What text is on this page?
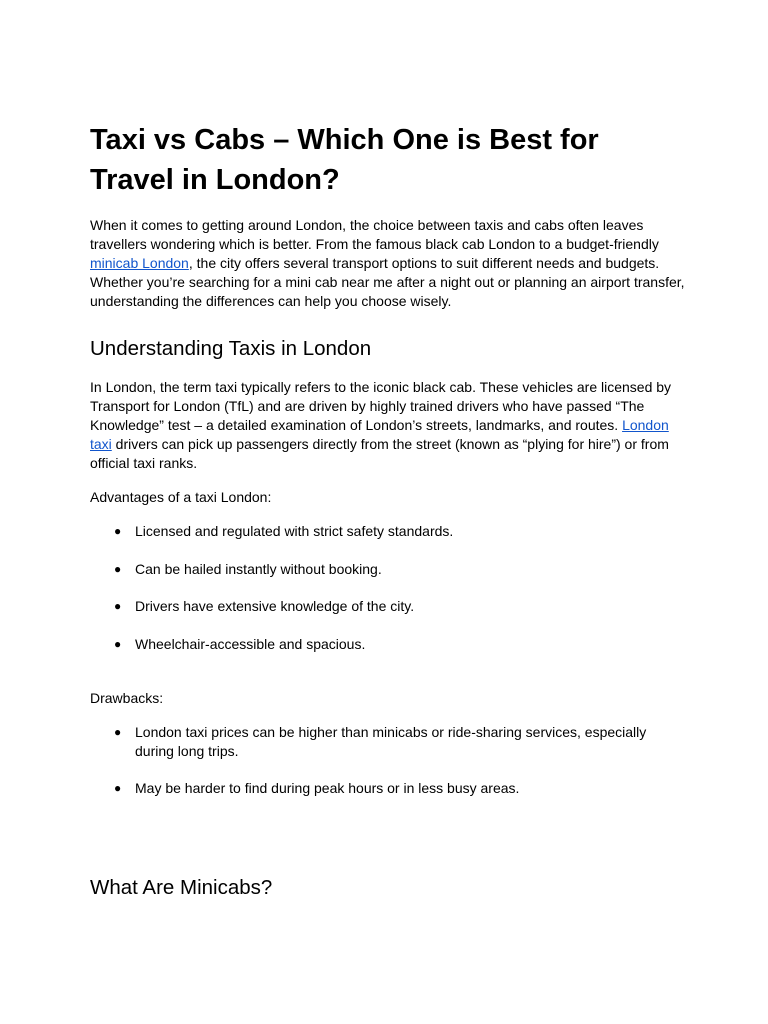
Taxi vs Cabs – Which One is Best for Travel in London?

When it comes to getting around London, the choice between taxis and cabs often leaves travellers wondering which is better. From the famous black cab London to a budget-friendly minicab London, the city offers several transport options to suit different needs and budgets. Whether you’re searching for a mini cab near me after a night out or planning an airport transfer, understanding the differences can help you choose wisely.

Understanding Taxis in London

In London, the term taxi typically refers to the iconic black cab. These vehicles are licensed by Transport for London (TfL) and are driven by highly trained drivers who have passed “The Knowledge” test – a detailed examination of London’s streets, landmarks, and routes. London taxi drivers can pick up passengers directly from the street (known as “plying for hire”) or from official taxi ranks.

Advantages of a taxi London:

● Licensed and regulated with strict safety standards.
● Can be hailed instantly without booking.
● Drivers have extensive knowledge of the city.
● Wheelchair-accessible and spacious.

Drawbacks:

● London taxi prices can be higher than minicabs or ride-sharing services, especially during long trips.
● May be harder to find during peak hours or in less busy areas.
What Are Minicabs?
